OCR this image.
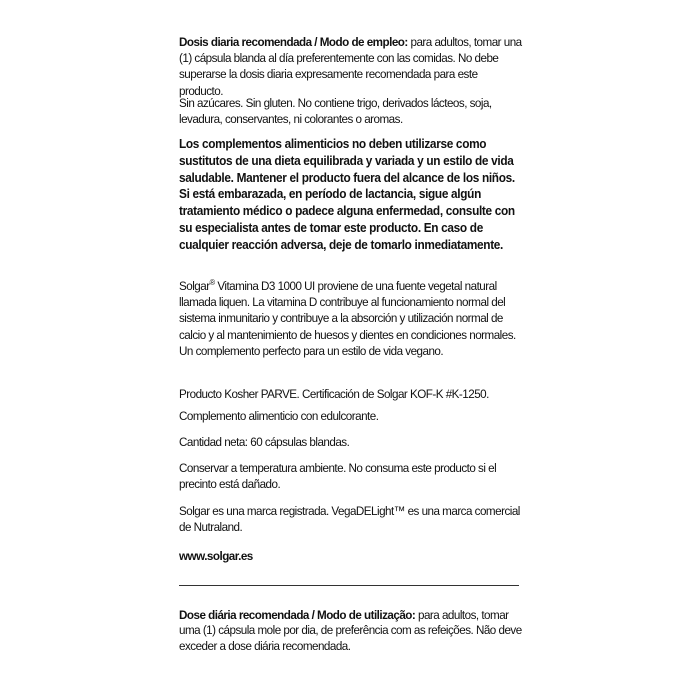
Dosis diaria recomendada / Modo de empleo: para adultos, tomar una (1) cápsula blanda al día preferentemente con las comidas. No debe superarse la dosis diaria expresamente recomendada para este producto.

Sin azúcares. Sin gluten. No contiene trigo, derivados lácteos, soja, levadura, conservantes, ni colorantes o aromas.

Los complementos alimenticios no deben utilizarse como sustitutos de una dieta equilibrada y variada y un estilo de vida saludable. Mantener el producto fuera del alcance de los niños. Si está embarazada, en período de lactancia, sigue algún tratamiento médico o padece alguna enfermedad, consulte con su especialista antes de tomar este producto. En caso de cualquier reacción adversa, deje de tomarlo inmediatamente.

Solgar® Vitamina D3 1000 UI proviene de una fuente vegetal natural llamada liquen. La vitamina D contribuye al funcionamiento normal del sistema inmunitario y contribuye a la absorción y utilización normal de calcio y al mantenimiento de huesos y dientes en condiciones normales. Un complemento perfecto para un estilo de vida vegano.

Producto Kosher PARVE. Certificación de Solgar KOF-K #K-1250.

Complemento alimenticio con edulcorante.

Cantidad neta: 60 cápsulas blandas.

Conservar a temperatura ambiente. No consuma este producto si el precinto está dañado.

Solgar es una marca registrada. VegaDELight™ es una marca comercial de Nutraland.

www.solgar.es

Dose diária recomendada / Modo de utilização: para adultos, tomar uma (1) cápsula mole por dia, de preferência com as refeições. Não deve exceder a dose diária recomendada.
